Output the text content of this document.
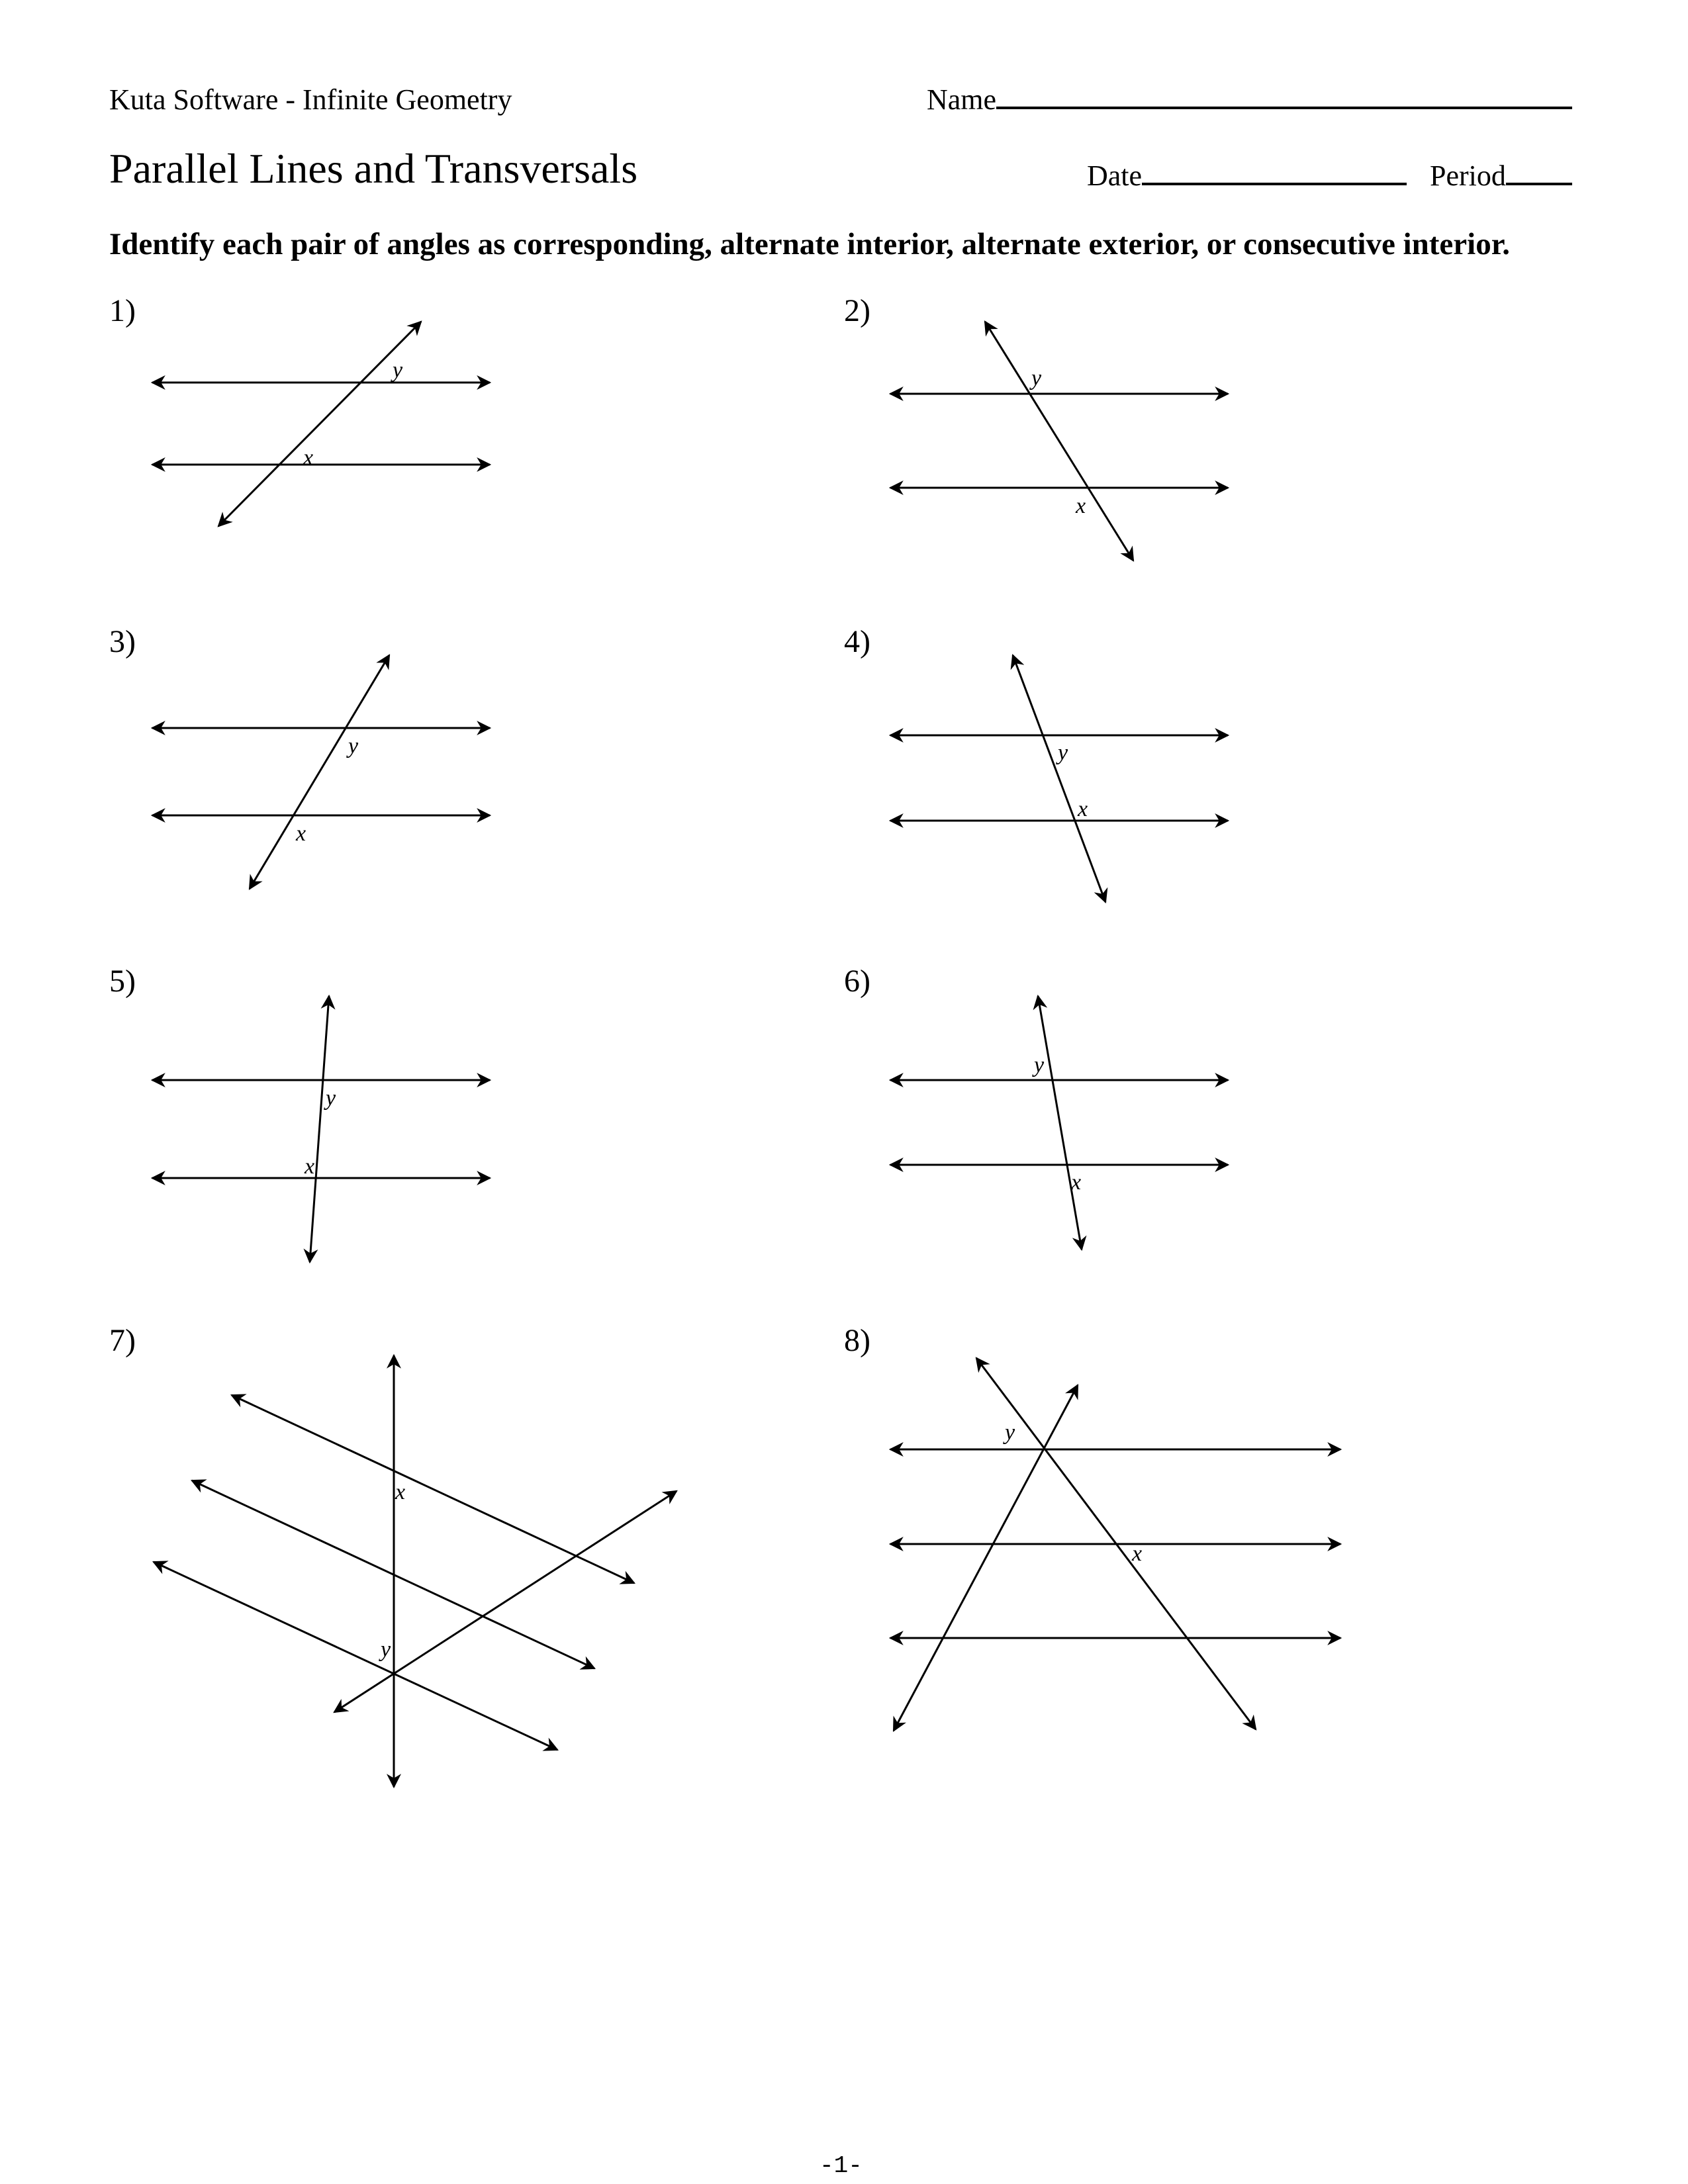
Kuta Software - Infinite Geometry	Name
Parallel Lines and Transversals	Date	Period
Identify each pair of angles as corresponding, alternate interior, alternate exterior, or consecutive interior.
1)	2)
3)	4)
5)	6)
7)	8)
y
x
y
x
y
x
y
x
y
x
y
x
x
y
y
x
-1-
